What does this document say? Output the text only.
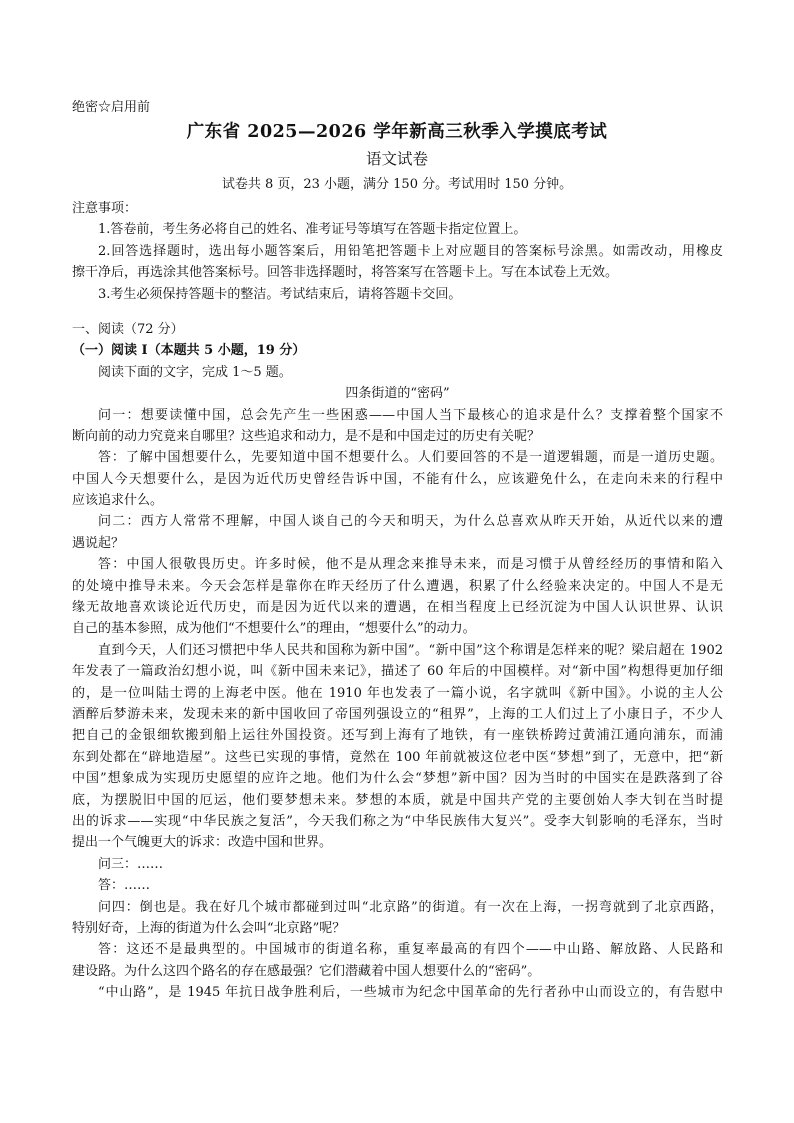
绝密☆启用前
广东省 2025—2026 学年新高三秋季入学摸底考试
语文试卷
试卷共 8 页，23 小题，满分 150 分。考试用时 150 分钟。
注意事项：
1.答卷前，考生务必将自己的姓名、准考证号等填写在答题卡指定位置上。
2.回答选择题时，选出每小题答案后，用铅笔把答题卡上对应题目的答案标号涂黑。如需改动，用橡皮
擦干净后，再选涂其他答案标号。回答非选择题时，将答案写在答题卡上。写在本试卷上无效。
3.考生必须保持答题卡的整洁。考试结束后，请将答题卡交回。
一、阅读（72 分）
（一）阅读 I（本题共 5 小题，19 分）
阅读下面的文字，完成 1～5 题。
四条街道的“密码”
问一：想要读懂中国，总会先产生一些困惑——中国人当下最核心的追求是什么？支撑着整个国家不
断向前的动力究竟来自哪里？这些追求和动力，是不是和中国走过的历史有关呢？
答：了解中国想要什么，先要知道中国不想要什么。人们要回答的不是一道逻辑题，而是一道历史题。
中国人今天想要什么，是因为近代历史曾经告诉中国，不能有什么，应该避免什么，在走向未来的行程中
应该追求什么。
问二：西方人常常不理解，中国人谈自己的今天和明天，为什么总喜欢从昨天开始，从近代以来的遭
遇说起？
答：中国人很敬畏历史。许多时候，他不是从理念来推导未来，而是习惯于从曾经经历的事情和陷入
的处境中推导未来。今天会怎样是靠你在昨天经历了什么遭遇，积累了什么经验来决定的。中国人不是无
缘无故地喜欢谈论近代历史，而是因为近代以来的遭遇，在相当程度上已经沉淀为中国人认识世界、认识
自己的基本参照，成为他们“不想要什么”的理由，“想要什么”的动力。
直到今天，人们还习惯把中华人民共和国称为新中国”。“新中国”这个称谓是怎样来的呢？梁启超在 1902
年发表了一篇政治幻想小说，叫《新中国未来记》，描述了 60 年后的中国模样。对“新中国”构想得更加仔细
的，是一位叫陆士谔的上海老中医。他在 1910 年也发表了一篇小说，名字就叫《新中国》。小说的主人公
酒醉后梦游未来，发现未来的新中国收回了帝国列强设立的“租界”，上海的工人们过上了小康日子，不少人
把自己的金银细软搬到船上运往外国投资。还写到上海有了地铁，有一座铁桥跨过黄浦江通向浦东，而浦
东到处都在“辟地造屋”。这些已实现的事情，竟然在 100 年前就被这位老中医“梦想”到了，无意中，把“新
中国”想象成为实现历史愿望的应许之地。他们为什么会“梦想”新中国？因为当时的中国实在是跌落到了谷
底，为摆脱旧中国的厄运，他们要梦想未来。梦想的本质，就是中国共产党的主要创始人李大钊在当时提
出的诉求——实现“中华民族之复活”，今天我们称之为“中华民族伟大复兴”。受李大钊影响的毛泽东，当时
提出一个气魄更大的诉求：改造中国和世界。
问三：……
答：……
问四：倒也是。我在好几个城市都碰到过叫“北京路”的街道。有一次在上海，一拐弯就到了北京西路，
特别好奇，上海的街道为什么会叫“北京路”呢？
答：这还不是最典型的。中国城市的街道名称，重复率最高的有四个——中山路、解放路、人民路和
建设路。为什么这四个路名的存在感最强？它们潜藏着中国人想要什么的“密码”。
“中山路”，是 1945 年抗日战争胜利后，一些城市为纪念中国革命的先行者孙中山而设立的，有告慰中
